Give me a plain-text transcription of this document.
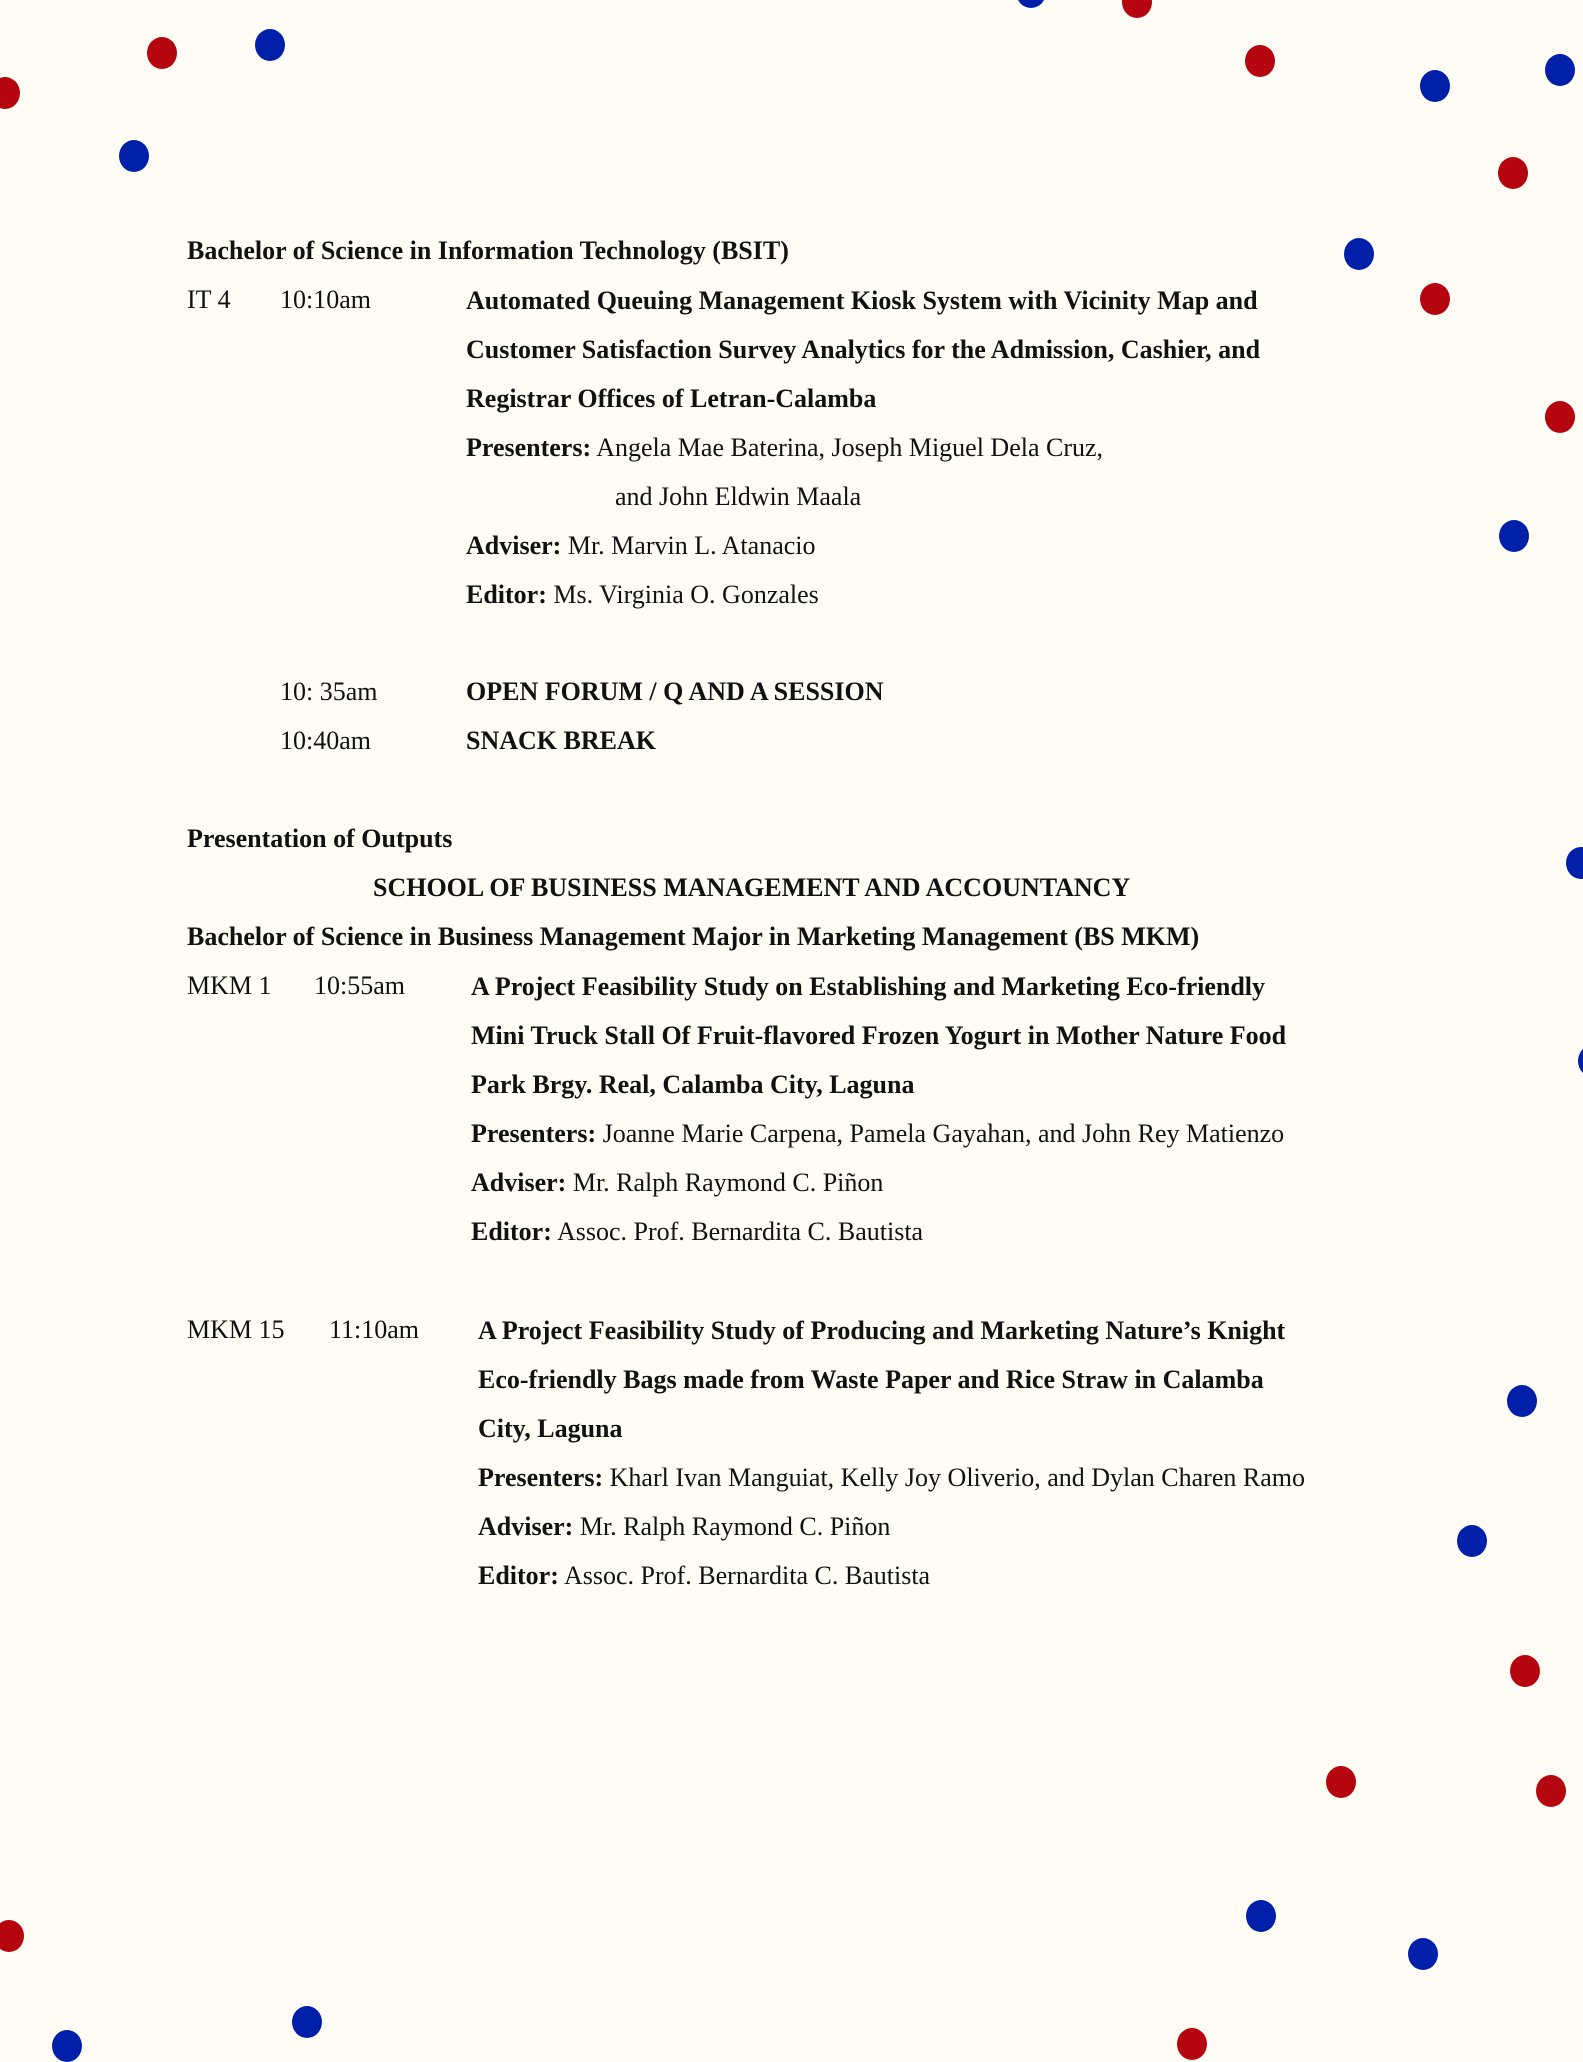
Bachelor of Science in Information Technology (BSIT)
IT 4 10:10am	Automated Queuing Management Kiosk System with Vicinity Map and
Customer Satisfaction Survey Analytics for the Admission, Cashier, and
Registrar Offices of Letran-Calamba
Presenters: Angela Mae Baterina, Joseph Miguel Dela Cruz,
and John Eldwin Maala
Adviser: Mr. Marvin L. Atanacio
Editor: Ms. Virginia O. Gonzales
10: 35am	OPEN FORUM / Q AND A SESSION
10:40am	SNACK BREAK
Presentation of Outputs
SCHOOL OF BUSINESS MANAGEMENT AND ACCOUNTANCY
Bachelor of Science in Business Management Major in Marketing Management (BS MKM)
MKM 1 10:55am	A Project Feasibility Study on Establishing and Marketing Eco-friendly
Mini Truck Stall Of Fruit-flavored Frozen Yogurt in Mother Nature Food
Park Brgy. Real, Calamba City, Laguna
Presenters: Joanne Marie Carpena, Pamela Gayahan, and John Rey Matienzo
Adviser: Mr. Ralph Raymond C. Piñon
Editor: Assoc. Prof. Bernardita C. Bautista
MKM 15 11:10am A Project Feasibility Study of Producing and Marketing Nature’s Knight
Eco-friendly Bags made from Waste Paper and Rice Straw in Calamba
City, Laguna
Presenters: Kharl Ivan Manguiat, Kelly Joy Oliverio, and Dylan Charen Ramo
Adviser: Mr. Ralph Raymond C. Piñon
Editor: Assoc. Prof. Bernardita C. Bautista
